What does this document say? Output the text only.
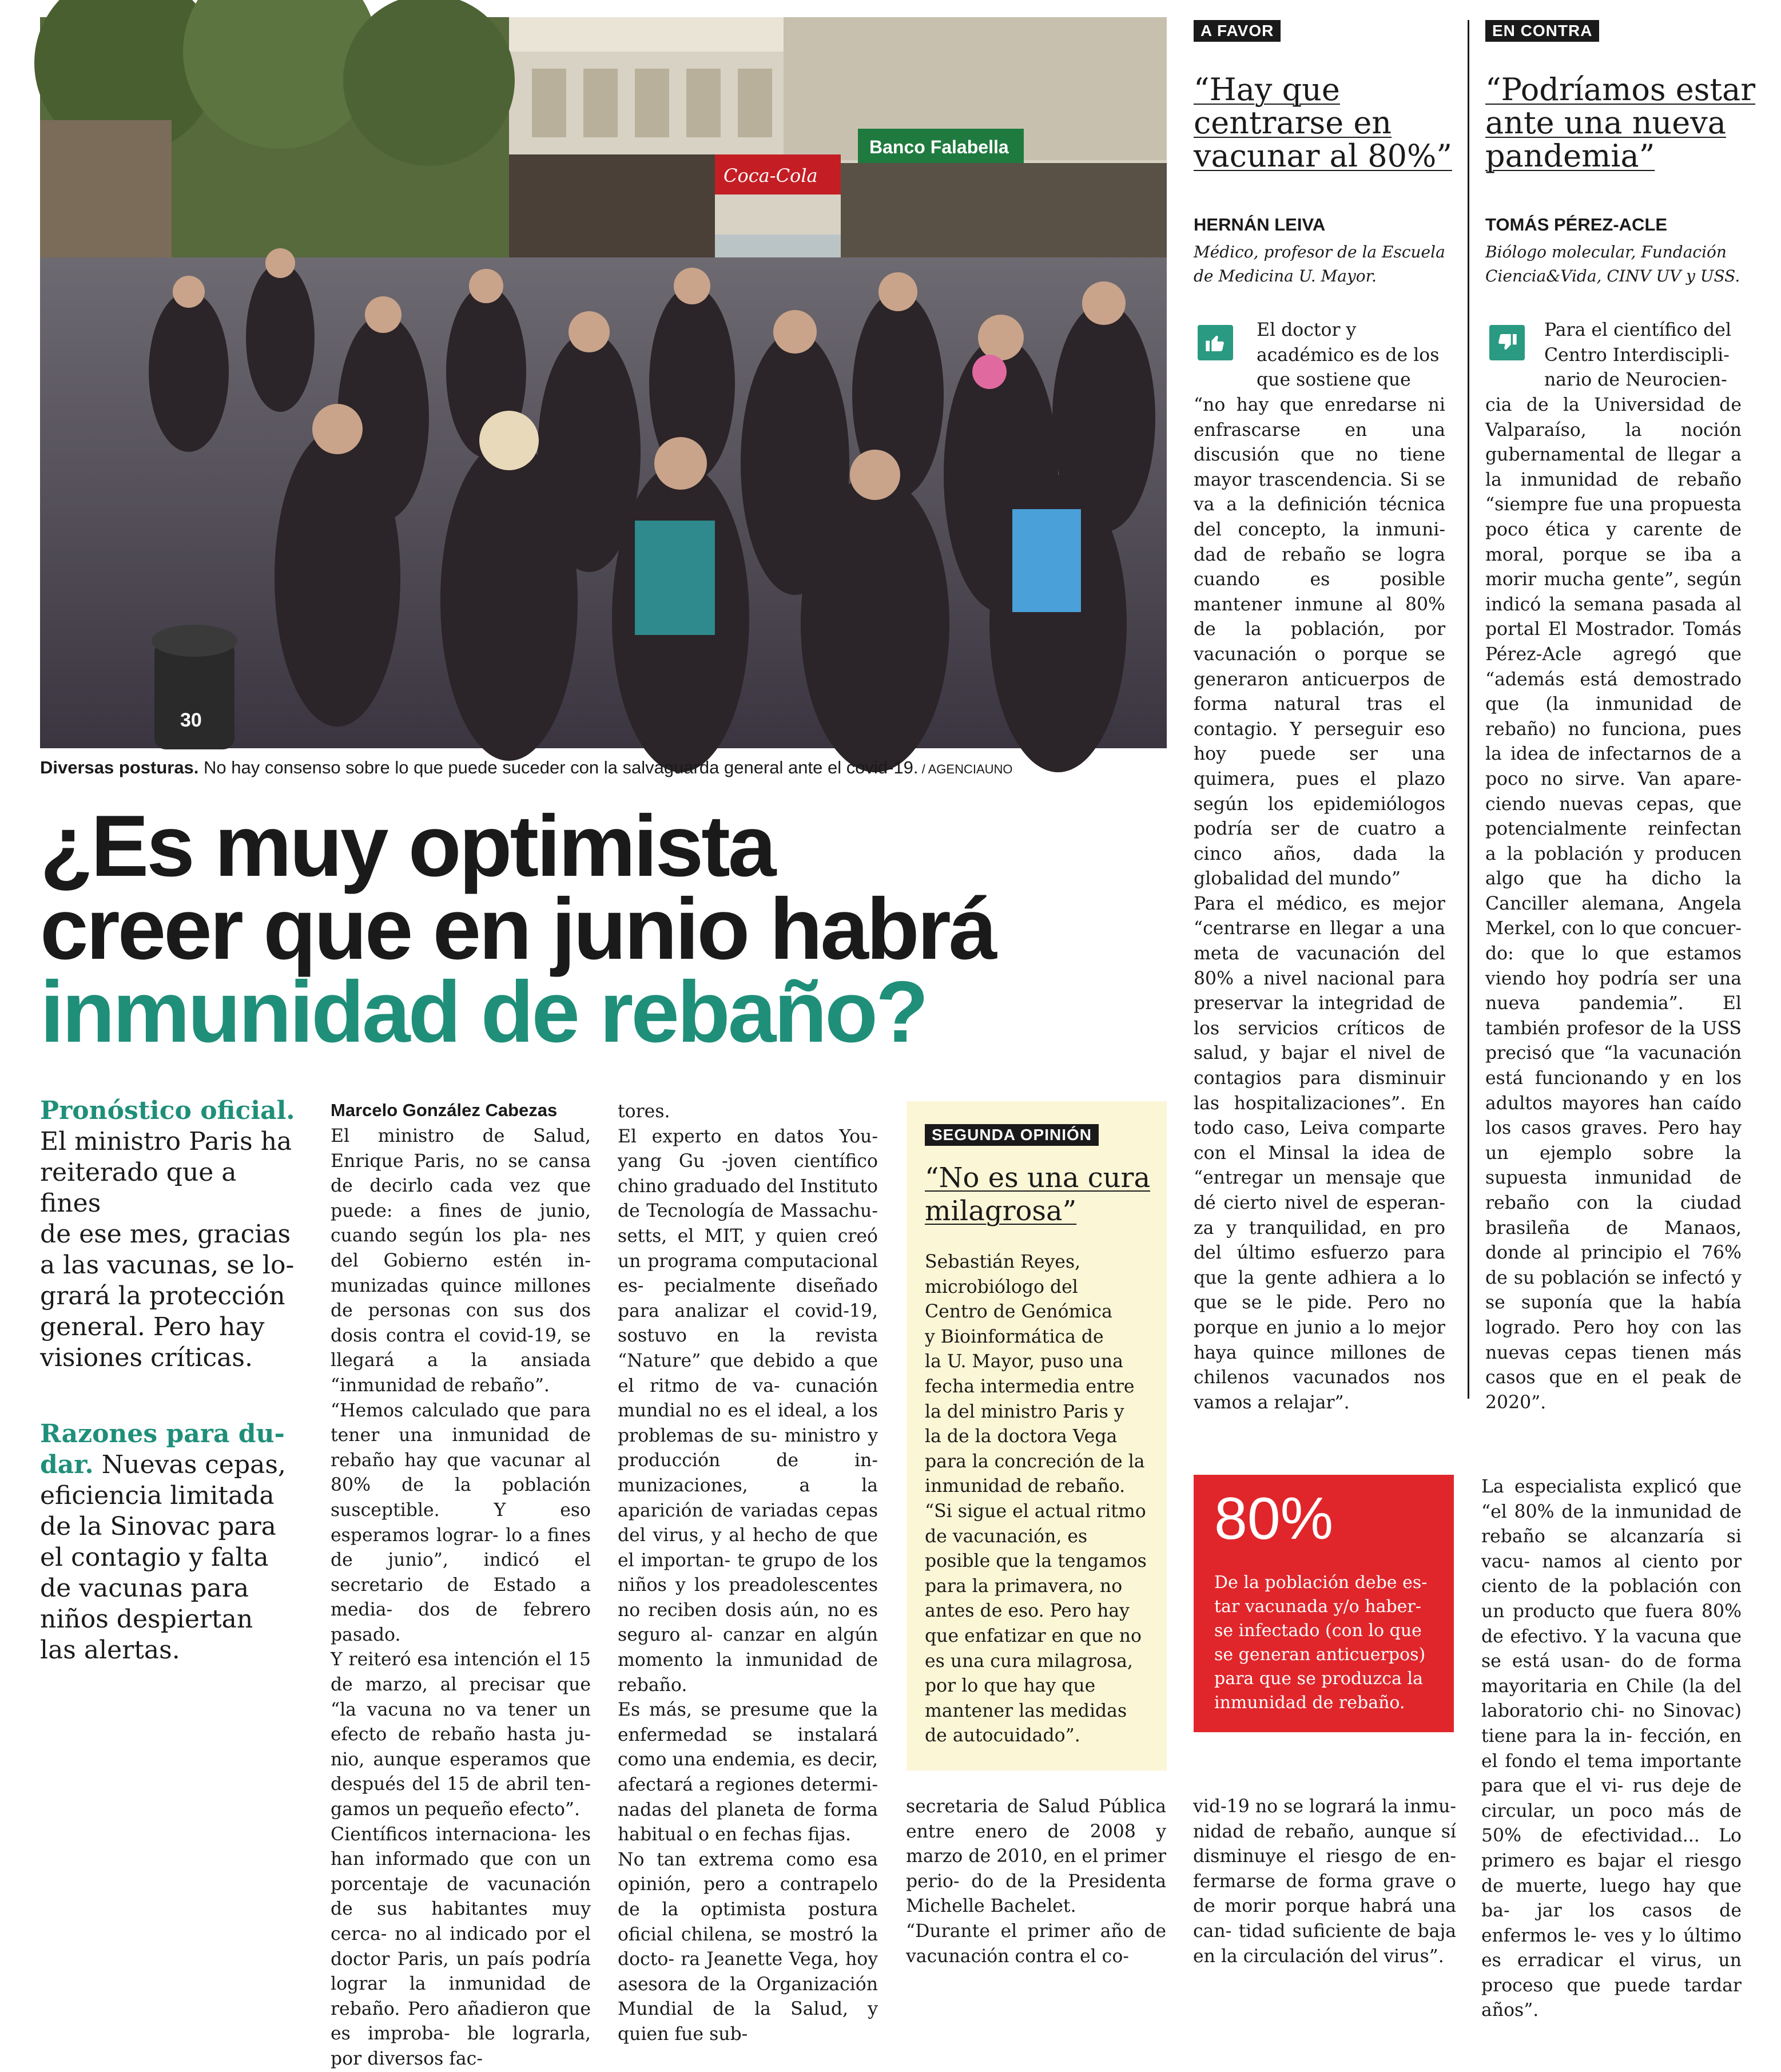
Banco Falabella
Coca-Cola
30
Diversas posturas. No hay consenso sobre lo que puede suceder con la salvaguarda general ante el covid-19. / AGENCIAUNO
¿Es muy optimista
creer que en junio habrá
inmunidad de rebaño?
Pronóstico oficial.
El ministro Paris ha
reiterado que a fines
de ese mes, gracias
a las vacunas, se lo-
grará la protección
general. Pero hay
visiones críticas.
Razones para du-
dar. Nuevas cepas,
eficiencia limitada
de la Sinovac para
el contagio y falta
de vacunas para
niños despiertan
las alertas.
Marcelo González Cabezas
El ministro de Salud, Enrique Paris, no se cansa de decirlo cada vez que puede: a fines de junio, cuando según los pla- nes del Gobierno estén in- munizadas quince millones de personas con sus dos dosis contra el covid-19, se llegará a la ansiada “inmunidad de rebaño”.
“Hemos calculado que para tener una inmunidad de rebaño hay que vacunar al 80% de la población susceptible. Y eso esperamos lograr- lo a fines de junio”, indicó el secretario de Estado a media- dos de febrero pasado.
Y reiteró esa intención el 15 de marzo, al precisar que “la vacuna no va tener un efecto de rebaño hasta ju- nio, aunque esperamos que después del 15 de abril ten- gamos un pequeño efecto”.
Científicos internaciona- les han informado que con un porcentaje de vacunación de sus habitantes muy cerca- no al indicado por el doctor Paris, un país podría lograr la inmunidad de rebaño. Pero añadieron que es improba- ble lograrla, por diversos fac-
tores.
El experto en datos You- yang Gu -joven científico chino graduado del Instituto de Tecnología de Massachu- setts, el MIT, y quien creó un programa computacional es- pecialmente diseñado para analizar el covid-19, sostuvo en la revista “Nature” que debido a que el ritmo de va- cunación mundial no es el ideal, a los problemas de su- ministro y producción de in- munizaciones, a la aparición de variadas cepas del virus, y al hecho de que el importan- te grupo de los niños y los preadolescentes no reciben dosis aún, no es seguro al- canzar en algún momento la inmunidad de rebaño.
Es más, se presume que la enfermedad se instalará como una endemia, es decir, afectará a regiones determi- nadas del planeta de forma habitual o en fechas fijas.
No tan extrema como esa opinión, pero a contrapelo de la optimista postura oficial chilena, se mostró la docto- ra Jeanette Vega, hoy asesora de la Organización Mundial de la Salud, y quien fue sub-
secretaria de Salud Pública entre enero de 2008 y marzo de 2010, en el primer perio- do de la Presidenta Michelle Bachelet.
“Durante el primer año de vacunación contra el co-
vid-19 no se logrará la inmu- nidad de rebaño, aunque sí disminuye el riesgo de en- fermarse de forma grave o de morir porque habrá una can- tidad suficiente de baja en la circulación del virus”.
La especialista explicó que “el 80% de la inmunidad de rebaño se alcanzaría si vacu- namos al ciento por ciento de la población con un producto que fuera 80% de efectivo. Y la vacuna que se está usan- do de forma mayoritaria en Chile (la del laboratorio chi- no Sinovac) tiene para la in- fección, en el fondo el tema importante para que el vi- rus deje de circular, un poco más de 50% de efectividad... Lo primero es bajar el riesgo de muerte, luego hay que ba- jar los casos de enfermos le- ves y lo último es erradicar el virus, un proceso que puede tardar años”.
SEGUNDA OPINIÓN
“No es una cura
milagrosa”
Sebastián Reyes,
microbiólogo del
Centro de Genómica
y Bioinformática de
la U. Mayor, puso una
fecha intermedia entre
la del ministro Paris y
la de la doctora Vega
para la concreción de la
inmunidad de rebaño.
“Si sigue el actual ritmo
de vacunación, es
posible que la tengamos
para la primavera, no
antes de eso. Pero hay
que enfatizar en que no
es una cura milagrosa,
por lo que hay que
mantener las medidas
de autocuidado”.
A FAVOR
“Hay que
centrarse en
vacunar al 80%”
HERNÁN LEIVA
Médico, profesor de la Escuela
de Medicina U. Mayor.
El doctor y
académico es de los
que sostiene que
“no hay que enredarse ni enfrascarse en una discusión que no tiene mayor trascendencia. Si se va a la definición técnica del concepto, la inmuni- dad de rebaño se logra cuando es posible mantener inmune al 80% de la población, por vacunación o porque se generaron anticuerpos de forma natural tras el contagio. Y perseguir eso hoy puede ser una quimera, pues el plazo según los epidemiólogos podría ser de cuatro a cinco años, dada la globalidad del mundo”
Para el médico, es mejor “centrarse en llegar a una meta de vacunación del 80% a nivel nacional para preservar la integridad de los servicios críticos de salud, y bajar el nivel de contagios para disminuir las hospitalizaciones”. En todo caso, Leiva comparte con el Minsal la idea de “entregar un mensaje que dé cierto nivel de esperan- za y tranquilidad, en pro del último esfuerzo para que la gente adhiera a lo que se le pide. Pero no porque en junio a lo mejor haya quince millones de chilenos vacunados nos vamos a relajar”.
EN CONTRA
“Podríamos estar
ante una nueva
pandemia”
TOMÁS PÉREZ-ACLE
Biólogo molecular, Fundación
Ciencia&Vida, CINV UV y USS.
Para el científico del
Centro Interdiscipli-
nario de Neurocien-
cia de la Universidad de Valparaíso, la noción gubernamental de llegar a la inmunidad de rebaño “siempre fue una propuesta poco ética y carente de moral, porque se iba a morir mucha gente”, según indicó la semana pasada al portal El Mostrador. Tomás Pérez-Acle agregó que “además está demostrado que (la inmunidad de rebaño) no funciona, pues la idea de infectarnos de a poco no sirve. Van apare- ciendo nuevas cepas, que potencialmente reinfectan a la población y producen algo que ha dicho la Canciller alemana, Angela Merkel, con lo que concuer- do: que lo que estamos viendo hoy podría ser una nueva pandemia”. El también profesor de la USS precisó que “la vacunación está funcionando y en los adultos mayores han caído los casos graves. Pero hay un ejemplo sobre la supuesta inmunidad de rebaño con la ciudad brasileña de Manaos, donde al principio el 76% de su población se infectó y se suponía que la había logrado. Pero hoy con las nuevas cepas tienen más casos que en el peak de 2020”.
80%
De la población debe es-
tar vacunada y/o haber-
se infectado (con lo que
se generan anticuerpos)
para que se produzca la
inmunidad de rebaño.
